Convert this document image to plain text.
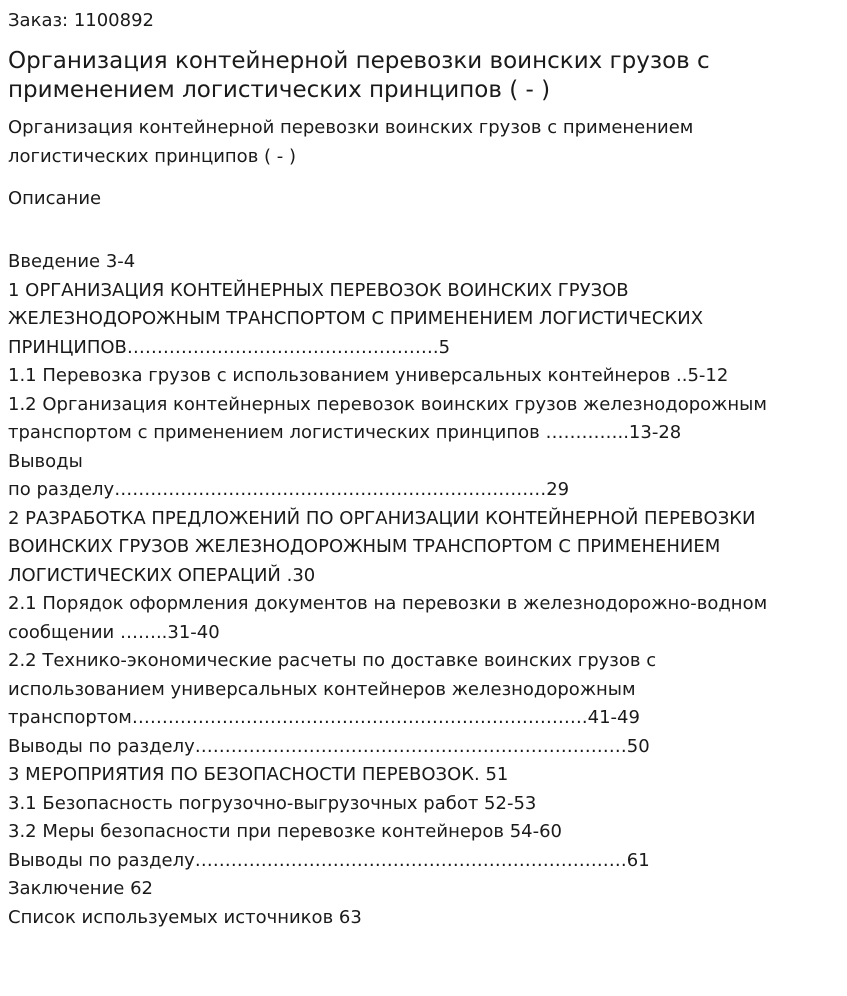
Заказ: 1100892
Организация контейнерной перевозки воинских грузов с применением логистических принципов ( - )

Организация контейнерной перевозки воинских грузов с применением логистических принципов ( - )

Описание
Введение 3-4
1 ОРГАНИЗАЦИЯ КОНТЕЙНЕРНЫХ ПЕРЕВОЗОК ВОИНСКИХ ГРУЗОВ
ЖЕЛЕЗНОДОРОЖНЫМ ТРАНСПОРТОМ С ПРИМЕНЕНИЕМ ЛОГИСТИЧЕСКИХ
ПРИНЦИПОВ…………………………………………….5
1.1 Перевозка грузов с использованием универсальных контейнеров ..5-12
1.2 Организация контейнерных перевозок воинских грузов железнодорожным
транспортом с применением логистических принципов …………..13-28
Выводы
по разделу………………………………………………………………29
2 РАЗРАБОТКА ПРЕДЛОЖЕНИЙ ПО ОРГАНИЗАЦИИ КОНТЕЙНЕРНОЙ ПЕРЕВОЗКИ
ВОИНСКИХ ГРУЗОВ ЖЕЛЕЗНОДОРОЖНЫМ ТРАНСПОРТОМ С ПРИМЕНЕНИЕМ
ЛОГИСТИЧЕСКИХ ОПЕРАЦИЙ .30
2.1 Порядок оформления документов на перевозки в железнодорожно-водном
сообщении ……..31-40
2.2 Технико-экономические расчеты по доставке воинских грузов с
использованием универсальных контейнеров железнодорожным
транспортом………………………………………………………………….41-49
Выводы по разделу………………………………………………………………50
3 МЕРОПРИЯТИЯ ПО БЕЗОПАСНОСТИ ПЕРЕВОЗОК. 51
3.1 Безопасность погрузочно-выгрузочных работ 52-53
3.2 Меры безопасности при перевозке контейнеров 54-60
Выводы по разделу………………………………………………………………61
Заключение 62
Список используемых источников 63
